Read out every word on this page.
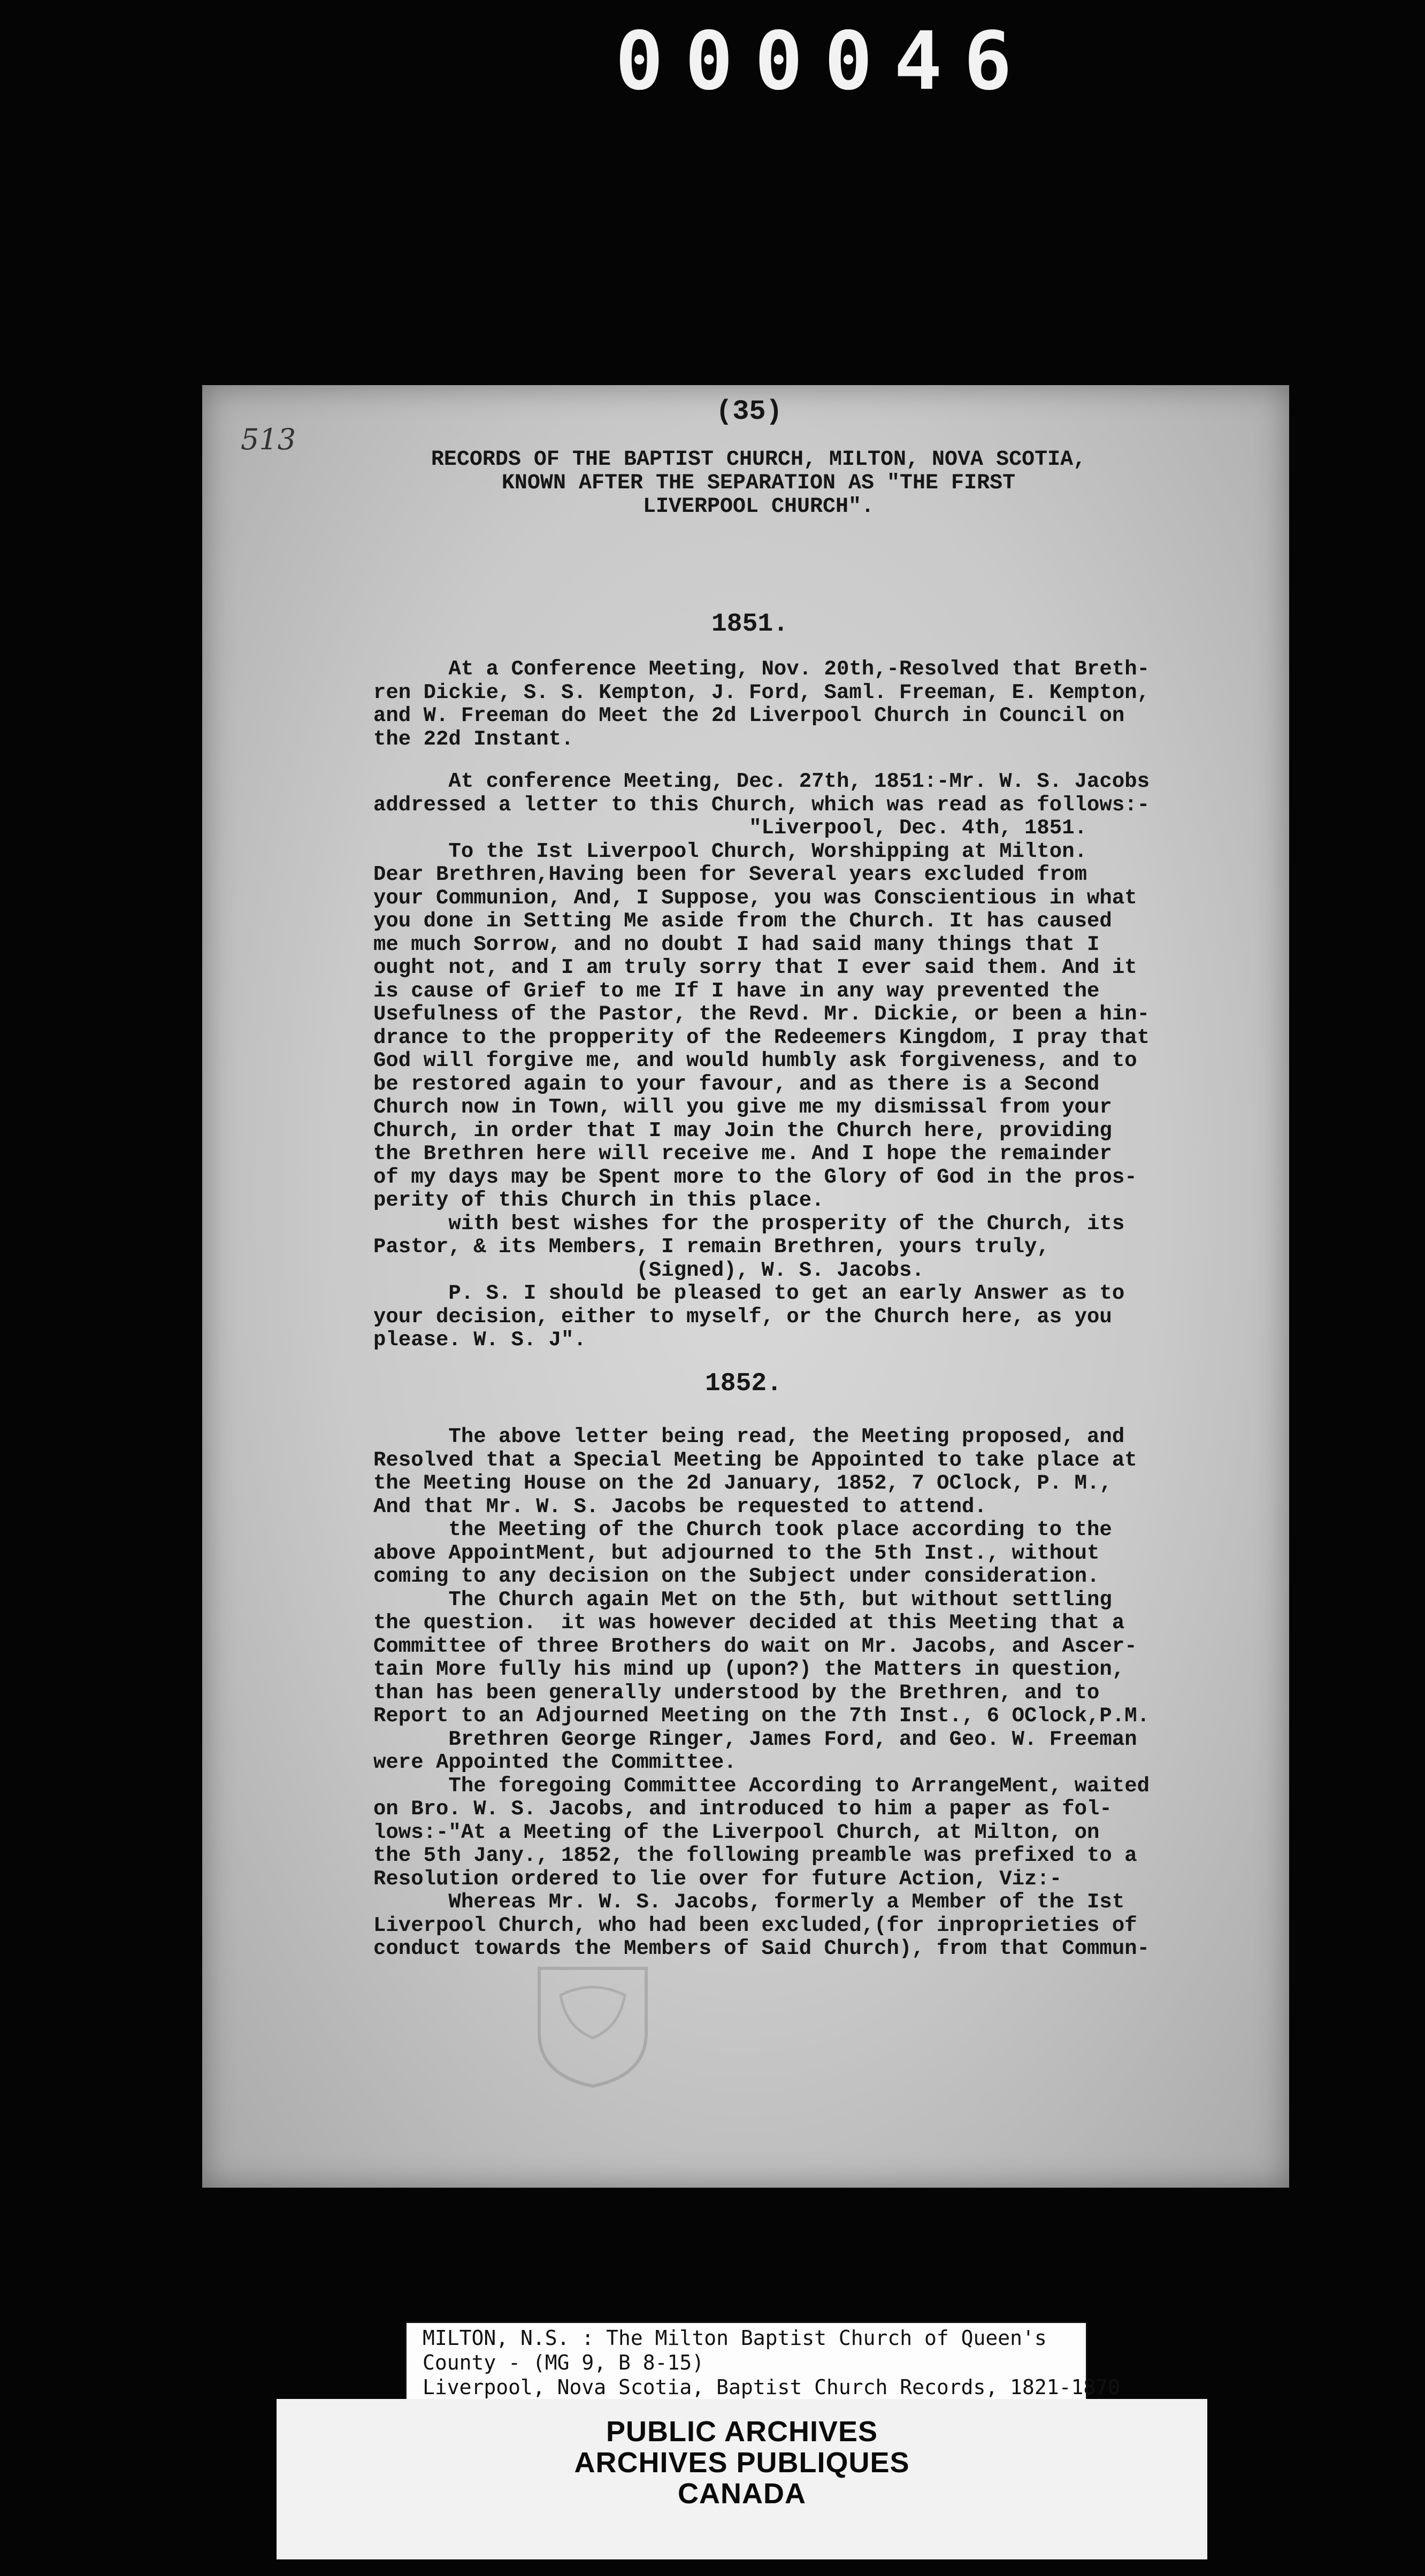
000046
513
(35)
RECORDS OF THE BAPTIST CHURCH, MILTON, NOVA SCOTIA,
KNOWN AFTER THE SEPARATION AS "THE FIRST
LIVERPOOL CHURCH".
1851.
At a Conference Meeting, Nov. 20th,-Resolved that Breth-
ren Dickie, S. S. Kempton, J. Ford, Saml. Freeman, E. Kempton,
and W. Freeman do Meet the 2d Liverpool Church in Council on
the 22d Instant.
At conference Meeting, Dec. 27th, 1851:-Mr. W. S. Jacobs
addressed a letter to this Church, which was read as follows:-
"Liverpool, Dec. 4th, 1851.
To the Ist Liverpool Church, Worshipping at Milton.
Dear Brethren,Having been for Several years excluded from
your Communion, And, I Suppose, you was Conscientious in what
you done in Setting Me aside from the Church. It has caused
me much Sorrow, and no doubt I had said many things that I
ought not, and I am truly sorry that I ever said them. And it
is cause of Grief to me If I have in any way prevented the
Usefulness of the Pastor, the Revd. Mr. Dickie, or been a hin-
drance to the propperity of the Redeemers Kingdom, I pray that
God will forgive me, and would humbly ask forgiveness, and to
be restored again to your favour, and as there is a Second
Church now in Town, will you give me my dismissal from your
Church, in order that I may Join the Church here, providing
the Brethren here will receive me. And I hope the remainder
of my days may be Spent more to the Glory of God in the pros-
perity of this Church in this place.
with best wishes for the prosperity of the Church, its
Pastor, & its Members, I remain Brethren, yours truly,
(Signed), W. S. Jacobs.
P. S. I should be pleased to get an early Answer as to
your decision, either to myself, or the Church here, as you
please. W. S. J".
1852.
The above letter being read, the Meeting proposed, and
Resolved that a Special Meeting be Appointed to take place at
the Meeting House on the 2d January, 1852, 7 OClock, P. M.,
And that Mr. W. S. Jacobs be requested to attend.
the Meeting of the Church took place according to the
above AppointMent, but adjourned to the 5th Inst., without
coming to any decision on the Subject under consideration.
The Church again Met on the 5th, but without settling
the question.  it was however decided at this Meeting that a
Committee of three Brothers do wait on Mr. Jacobs, and Ascer-
tain More fully his mind up (upon?) the Matters in question,
than has been generally understood by the Brethren, and to
Report to an Adjourned Meeting on the 7th Inst., 6 OClock,P.M.
Brethren George Ringer, James Ford, and Geo. W. Freeman
were Appointed the Committee.
The foregoing Committee According to ArrangeMent, waited
on Bro. W. S. Jacobs, and introduced to him a paper as fol-
lows:-"At a Meeting of the Liverpool Church, at Milton, on
the 5th Jany., 1852, the following preamble was prefixed to a
Resolution ordered to lie over for future Action, Viz:-
Whereas Mr. W. S. Jacobs, formerly a Member of the Ist
Liverpool Church, who had been excluded,(for inproprieties of
conduct towards the Members of Said Church), from that Commun-
MILTON, N.S. : The Milton Baptist Church of Queen's
County - (MG 9, B 8-15)
Liverpool, Nova Scotia, Baptist Church Records, 1821-1870
PUBLIC ARCHIVES
ARCHIVES PUBLIQUES
CANADA
